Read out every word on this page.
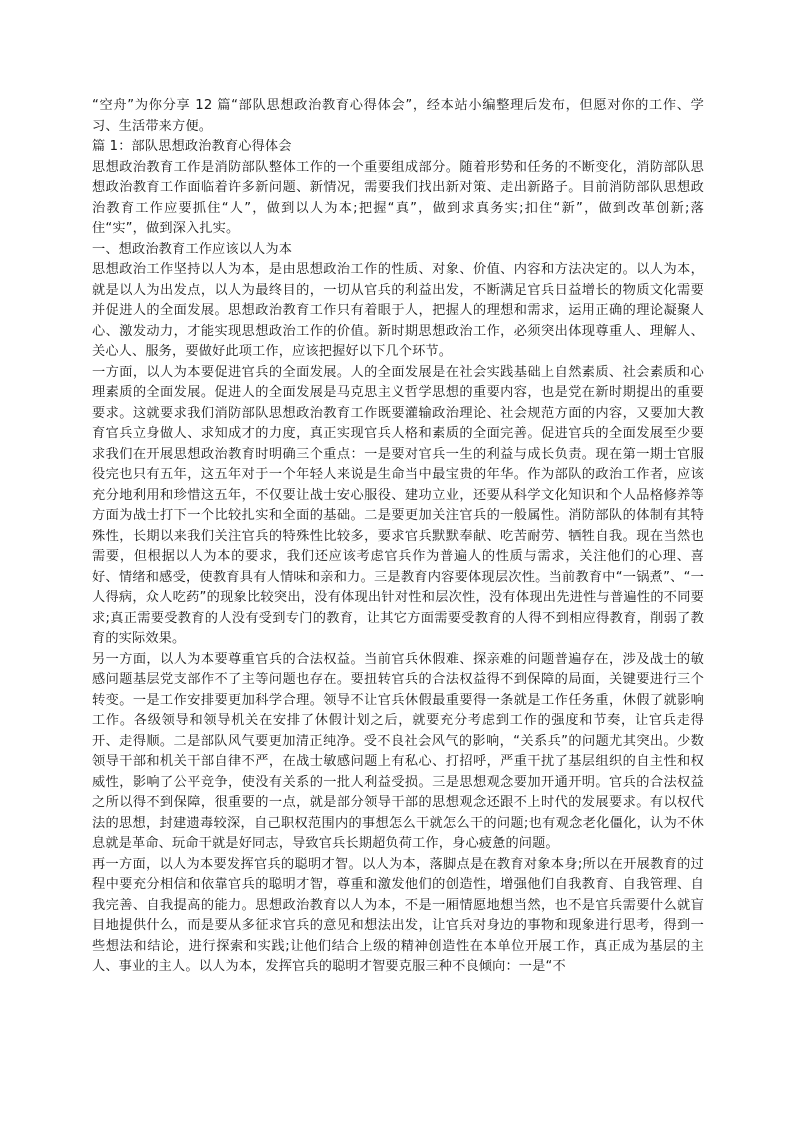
“空舟”为你分享 12 篇“部队思想政治教育心得体会”，经本站小编整理后发布，但愿对你的工作、学习、生活带来方便。

篇 1：部队思想政治教育心得体会

思想政治教育工作是消防部队整体工作的一个重要组成部分。随着形势和任务的不断变化，消防部队思想政治教育工作面临着许多新问题、新情况，需要我们找出新对策、走出新路子。目前消防部队思想政治教育工作应要抓住“人”，做到以人为本;把握“真”，做到求真务实;扣住“新”，做到改革创新;落住“实”，做到深入扎实。

一、想政治教育工作应该以人为本

思想政治工作坚持以人为本，是由思想政治工作的性质、对象、价值、内容和方法决定的。以人为本，就是以人为出发点，以人为最终目的，一切从官兵的利益出发，不断满足官兵日益增长的物质文化需要并促进人的全面发展。思想政治教育工作只有着眼于人，把握人的理想和需求，运用正确的理论凝聚人心、激发动力，才能实现思想政治工作的价值。新时期思想政治工作，必须突出体现尊重人、理解人、关心人、服务，要做好此项工作，应该把握好以下几个环节。

一方面，以人为本要促进官兵的全面发展。人的全面发展是在社会实践基础上自然素质、社会素质和心理素质的全面发展。促进人的全面发展是马克思主义哲学思想的重要内容，也是党在新时期提出的重要要求。这就要求我们消防部队思想政治教育工作既要灌输政治理论、社会规范方面的内容，又要加大教育官兵立身做人、求知成才的力度，真正实现官兵人格和素质的全面完善。促进官兵的全面发展至少要求我们在开展思想政治教育时明确三个重点：一是要对官兵一生的利益与成长负责。现在第一期士官服役完也只有五年，这五年对于一个年轻人来说是生命当中最宝贵的年华。作为部队的政治工作者，应该充分地利用和珍惜这五年，不仅要让战士安心服役、建功立业，还要从科学文化知识和个人品格修养等方面为战士打下一个比较扎实和全面的基础。二是要更加关注官兵的一般属性。消防部队的体制有其特殊性，长期以来我们关注官兵的特殊性比较多，要求官兵默默奉献、吃苦耐劳、牺牲自我。现在当然也需要，但根据以人为本的要求，我们还应该考虑官兵作为普遍人的性质与需求，关注他们的心理、喜好、情绪和感受，使教育具有人情味和亲和力。三是教育内容要体现层次性。当前教育中“一锅煮”、“一人得病，众人吃药”的现象比较突出，没有体现出针对性和层次性，没有体现出先进性与普遍性的不同要求;真正需要受教育的人没有受到专门的教育，让其它方面需要受教育的人得不到相应得教育，削弱了教育的实际效果。

另一方面，以人为本要尊重官兵的合法权益。当前官兵休假难、探亲难的问题普遍存在，涉及战士的敏感问题基层党支部作不了主等问题也存在。要扭转官兵的合法权益得不到保障的局面，关键要进行三个转变。一是工作安排要更加科学合理。领导不让官兵休假最重要得一条就是工作任务重，休假了就影响工作。各级领导和领导机关在安排了休假计划之后，就要充分考虑到工作的强度和节奏，让官兵走得开、走得顺。二是部队风气要更加清正纯净。受不良社会风气的影响，“关系兵”的问题尤其突出。少数领导干部和机关干部自律不严，在战士敏感问题上有私心、打招呼，严重干扰了基层组织的自主性和权威性，影响了公平竞争，使没有关系的一批人利益受损。三是思想观念要加开通开明。官兵的合法权益之所以得不到保障，很重要的一点，就是部分领导干部的思想观念还跟不上时代的发展要求。有以权代法的思想，封建遗毒较深，自己职权范围内的事想怎么干就怎么干的问题;也有观念老化僵化，认为不休息就是革命、玩命干就是好同志，导致官兵长期超负荷工作，身心疲惫的问题。

再一方面，以人为本要发挥官兵的聪明才智。以人为本，落脚点是在教育对象本身;所以在开展教育的过程中要充分相信和依靠官兵的聪明才智，尊重和激发他们的创造性，增强他们自我教育、自我管理、自我完善、自我提高的能力。思想政治教育以人为本，不是一厢情愿地想当然，也不是官兵需要什么就盲目地提供什么，而是要从多征求官兵的意见和想法出发，让官兵对身边的事物和现象进行思考，得到一些想法和结论，进行探索和实践;让他们结合上级的精神创造性在本单位开展工作，真正成为基层的主人、事业的主人。以人为本，发挥官兵的聪明才智要克服三种不良倾向：一是“不
